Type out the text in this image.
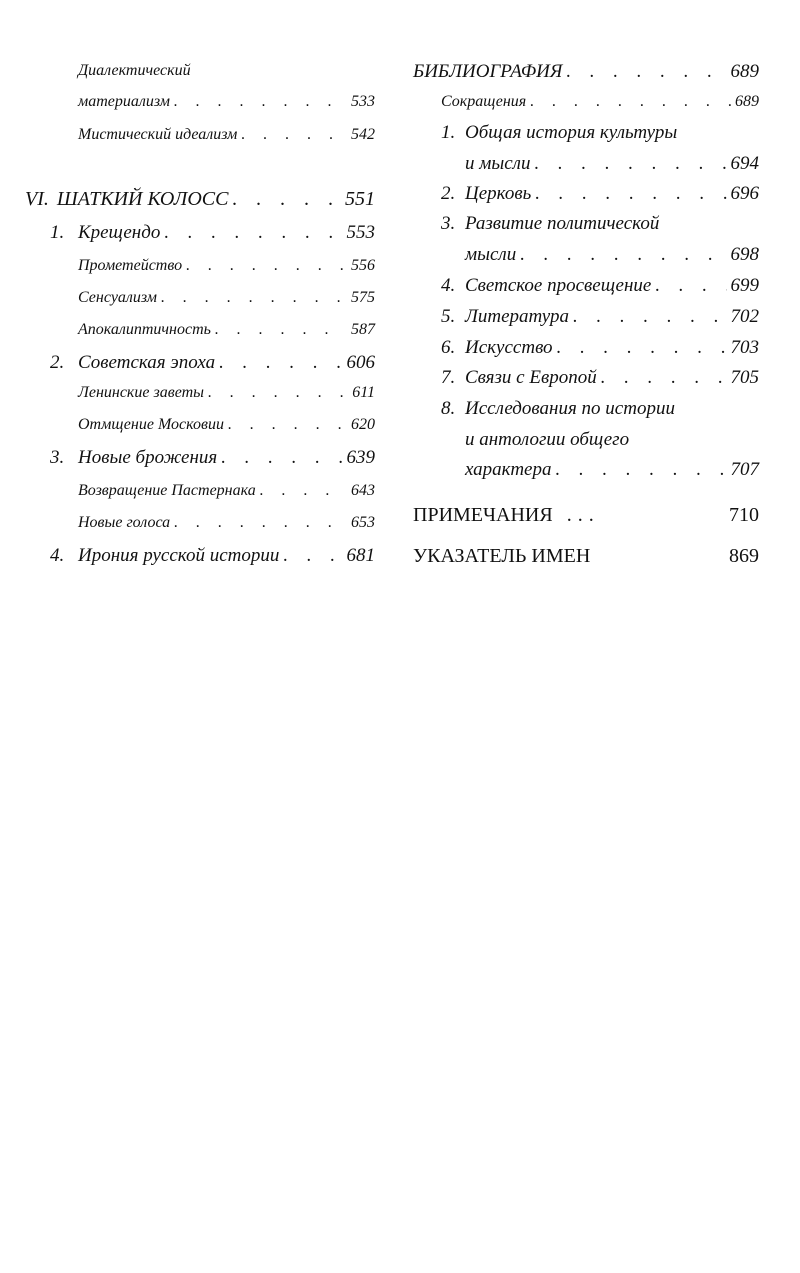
Диалектический
материализм . . .	533
Мистический идеализм . . .	542
VI. ШАТКИЙ КОЛОСС . . .	551
1. Крещендо . . .	553
Прометейство . . .	556
Сенсуализм . . .	575
Апокалиптичность . . .	587
2. Советская эпоха . . .	606
Ленинские заветы . . .	611
Отмщение Московии . . .	620
3. Новые брожения . . .	639
Возвращение Пастернака . . .	643
Новые голоса . . .	653
4. Ирония русской истории . . .	681
БИБЛИОГРАФИЯ . . .	689
Сокращения . . .	689
1. Общая история культуры
и мысли . . .	694
2. Церковь . . .	696
3. Развитие политической
мысли . . .	698
4. Светское просвещение . . .	699
5. Литература . . .	702
6. Искусство . . .	703
7. Связи с Европой . . .	705
8. Исследования по истории
и антологии общего
характера . . .	707
ПРИМЕЧАНИЯ ...	710
УКАЗАТЕЛЬ ИМЕН	869
